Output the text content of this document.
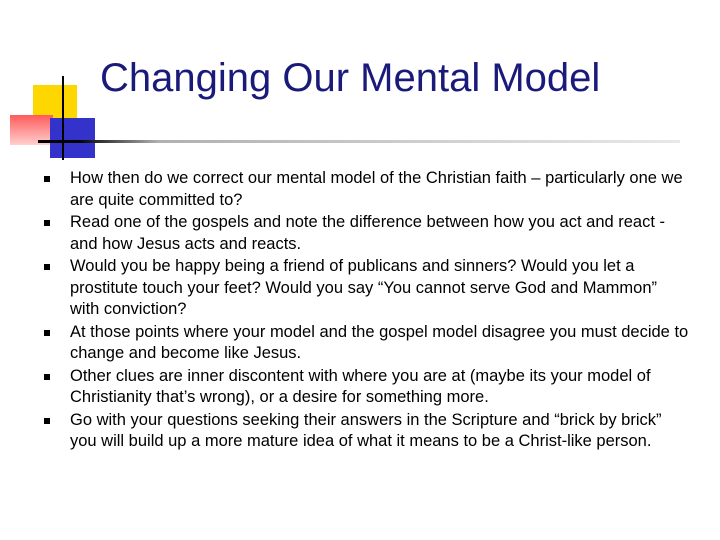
Changing Our Mental Model
How then do we correct our mental model of the Christian faith – particularly one we are quite committed to?
Read one of the gospels and note the difference between how you act and react - and how Jesus acts and reacts.
Would you be happy being a friend of publicans and sinners? Would you let a prostitute touch your feet? Would you say “You cannot serve God and Mammon” with conviction?
At those points where your model and the gospel model disagree you must decide to change and become like Jesus.
Other clues are inner discontent with where you are at (maybe its your model of Christianity that’s wrong), or a desire for something more.
Go with your questions seeking their answers in the Scripture and “brick by brick” you will build up a more mature idea of what it means to be a Christ-like person.
